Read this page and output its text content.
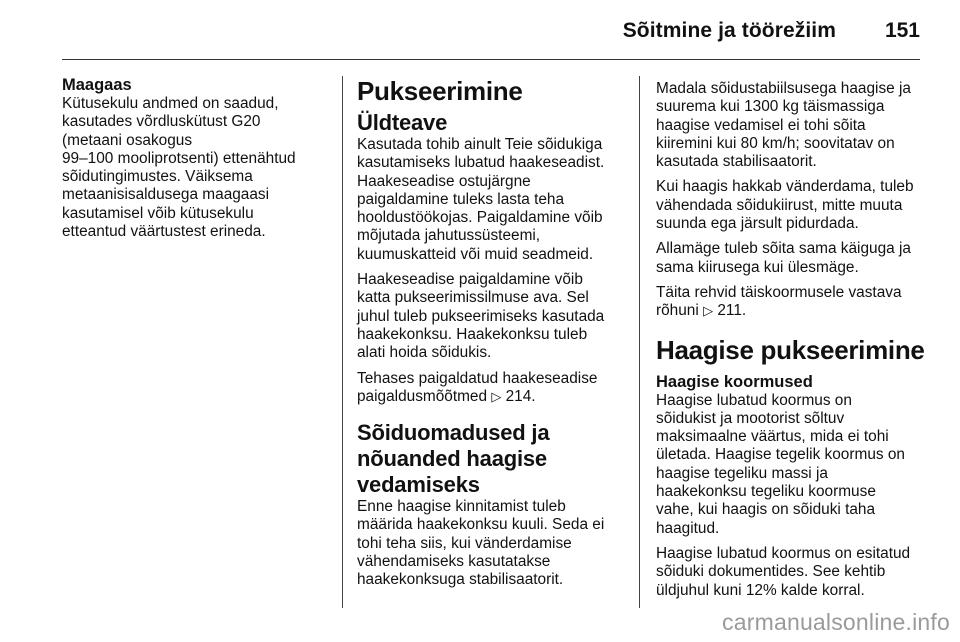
Sõitmine ja töörežiim 151
Maagaas
Kütusekulu andmed on saadud,
kasutades võrdluskütust G20
(metaani osakogus
99–100 mooliprotsenti) ettenähtud
sõidutingimustes. Väiksema
metaanisisaldusega maagaasi
kasutamisel võib kütusekulu
etteantud väärtustest erineda.
Pukseerimine
Üldteave
Kasutada tohib ainult Teie sõidukiga
kasutamiseks lubatud haakeseadist.
Haakeseadise ostujärgne
paigaldamine tuleks lasta teha
hooldustöökojas. Paigaldamine võib
mõjutada jahutussüsteemi,
kuumuskatteid või muid seadmeid.
Haakeseadise paigaldamine võib
katta pukseerimissilmuse ava. Sel
juhul tuleb pukseerimiseks kasutada
haakekonksu. Haakekonksu tuleb
alati hoida sõidukis.
Tehases paigaldatud haakeseadise
paigaldusmõõtmed ▷ 214.
Sõiduomadused ja
nõuanded haagise
vedamiseks
Enne haagise kinnitamist tuleb
määrida haakekonksu kuuli. Seda ei
tohi teha siis, kui vänderdamise
vähendamiseks kasutatakse
haakekonksuga stabilisaatorit.
Madala sõidustabiilsusega haagise ja
suurema kui 1300 kg täismassiga
haagise vedamisel ei tohi sõita
kiiremini kui 80 km/h; soovitatav on
kasutada stabilisaatorit.
Kui haagis hakkab vänderdama, tuleb
vähendada sõidukiirust, mitte muuta
suunda ega järsult pidurdada.
Allamäge tuleb sõita sama käiguga ja
sama kiirusega kui ülesmäge.
Täita rehvid täiskoormusele vastava
rõhuni ▷ 211.
Haagise pukseerimine
Haagise koormused
Haagise lubatud koormus on
sõidukist ja mootorist sõltuv
maksimaalne väärtus, mida ei tohi
ületada. Haagise tegelik koormus on
haagise tegeliku massi ja
haakekonksu tegeliku koormuse
vahe, kui haagis on sõiduki taha
haagitud.
Haagise lubatud koormus on esitatud
sõiduki dokumentides. See kehtib
üldjuhul kuni 12% kalde korral.
carmanualsonline.info
